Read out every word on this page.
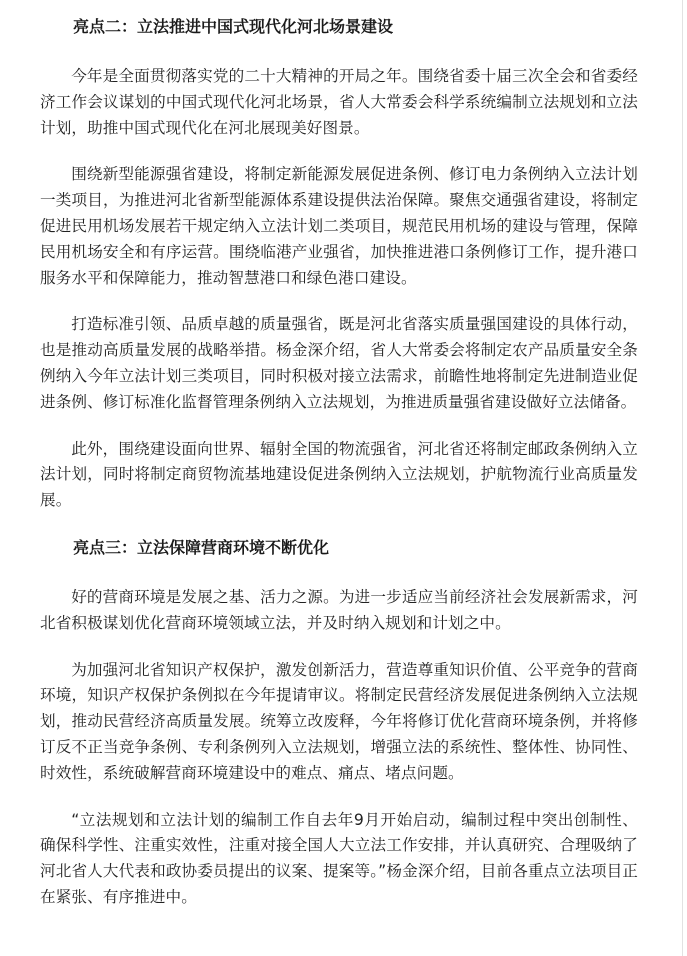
亮点二：立法推进中国式现代化河北场景建设

今年是全面贯彻落实党的二十大精神的开局之年。围绕省委十届三次全会和省委经济工作会议谋划的中国式现代化河北场景，省人大常委会科学系统编制立法规划和立法计划，助推中国式现代化在河北展现美好图景。

围绕新型能源强省建设，将制定新能源发展促进条例、修订电力条例纳入立法计划一类项目，为推进河北省新型能源体系建设提供法治保障。聚焦交通强省建设，将制定促进民用机场发展若干规定纳入立法计划二类项目，规范民用机场的建设与管理，保障民用机场安全和有序运营。围绕临港产业强省，加快推进港口条例修订工作，提升港口服务水平和保障能力，推动智慧港口和绿色港口建设。

打造标准引领、品质卓越的质量强省，既是河北省落实质量强国建设的具体行动，也是推动高质量发展的战略举措。杨金深介绍，省人大常委会将制定农产品质量安全条例纳入今年立法计划三类项目，同时积极对接立法需求，前瞻性地将制定先进制造业促进条例、修订标准化监督管理条例纳入立法规划，为推进质量强省建设做好立法储备。

此外，围绕建设面向世界、辐射全国的物流强省，河北省还将制定邮政条例纳入立法计划，同时将制定商贸物流基地建设促进条例纳入立法规划，护航物流行业高质量发展。

亮点三：立法保障营商环境不断优化

好的营商环境是发展之基、活力之源。为进一步适应当前经济社会发展新需求，河北省积极谋划优化营商环境领域立法，并及时纳入规划和计划之中。

为加强河北省知识产权保护，激发创新活力，营造尊重知识价值、公平竞争的营商环境，知识产权保护条例拟在今年提请审议。将制定民营经济发展促进条例纳入立法规划，推动民营经济高质量发展。统筹立改废释，今年将修订优化营商环境条例，并将修订反不正当竞争条例、专利条例列入立法规划，增强立法的系统性、整体性、协同性、时效性，系统破解营商环境建设中的难点、痛点、堵点问题。

“立法规划和立法计划的编制工作自去年9月开始启动，编制过程中突出创制性、确保科学性、注重实效性，注重对接全国人大立法工作安排，并认真研究、合理吸纳了河北省人大代表和政协委员提出的议案、提案等。”杨金深介绍，目前各重点立法项目正在紧张、有序推进中。
